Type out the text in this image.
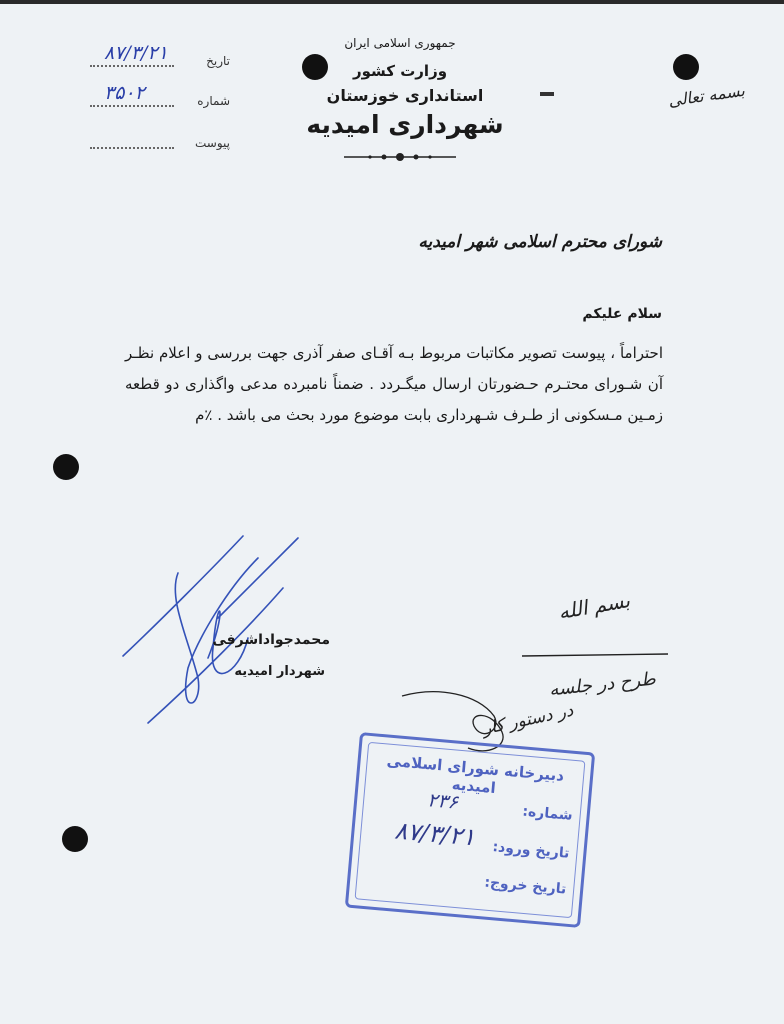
جمهوری اسلامی ایران
وزارت کشور
استانداری خوزستان
شهرداری امیدیه
بسمه تعالی
تاریخ
۸۷/۳/۲۱
شماره
۳۵۰۲
پیوست
شورای محترم اسلامی شهر امیدیه
سلام علیکم
احتراماً ، پیوست تصویر مکاتبات مربوط بـه آقـای صفر آذری جهت بررسی و اعلام نظـر آن شـورای محتـرم حـضورتان ارسال میگـردد . ضمناً نامبرده مدعی واگذاری دو قطعه زمـین مـسکونی از طـرف شـهرداری بابت موضوع مورد بحث می باشد . ٪م
محمدجواداشرفی
شهردار امیدیه
بسم الله
طرح در جلسه
در دستور کار
دبیرخانه شورای اسلامی امیدیه
شماره:
۲۳۶
تاریخ ورود:
۸۷/۳/۲۱
تاریخ خروج:
